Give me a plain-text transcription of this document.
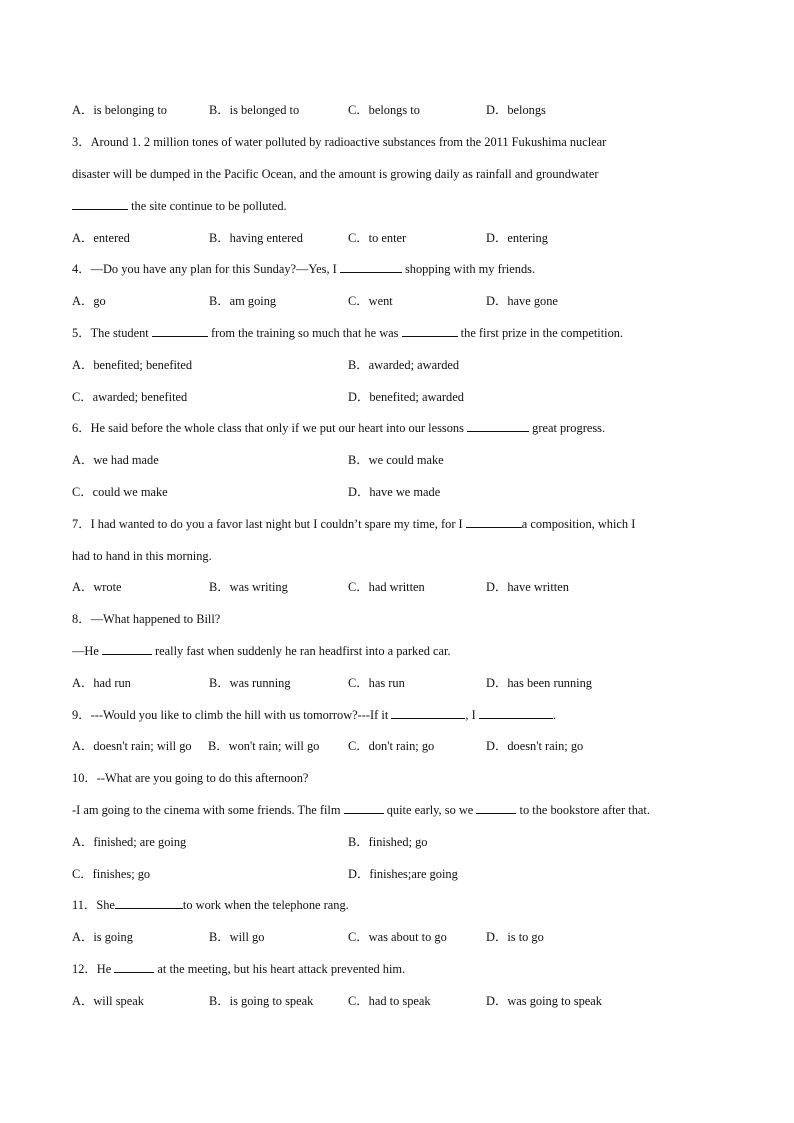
A．is belonging to	B．is belonged to	C．belongs to	D．belongs
3．Around 1. 2 million tones of water polluted by radioactive substances from the 2011 Fukushima nuclear
disaster will be dumped in the Pacific Ocean, and the amount is growing daily as rainfall and groundwater
the site continue to be polluted.
A．entered	B．having entered	C．to enter	D．entering
4．—Do you have any plan for this Sunday?—Yes, I	shopping with my friends.
A．go	B．am going	C．went	D．have gone
5．The student	from the training so much that he was	the first prize in the competition.
A．benefited; benefited	B．awarded; awarded
C．awarded; benefited	D．benefited; awarded
6．He said before the whole class that only if we put our heart into our lessons	great progress.
A．we had made	B．we could make
C．could we make	D．have we made
7．I had wanted to do you a favor last night but I couldn’t spare my time, for I	a composition, which I
had to hand in this morning.
A．wrote	B．was writing	C．had written	D．have written
8．—What happened to Bill?
—He	really fast when suddenly he ran headfirst into a parked car.
A．had run	B．was running	C．has run	D．has been running
9．---Would you like to climb the hill with us tomorrow?---If it	, I	.
A．doesn't rain; will go B．won't rain; will go C．don't rain; go	D．doesn't rain; go
10．--What are you going to do this afternoon?
-I am going to the cinema with some friends. The film	quite early, so we	to the bookstore after that.
A．finished; are going	B．finished; go
C．finishes; go	D．finishes;are going
11．She	to work when the telephone rang.
A．is going	B．will go	C．was about to go	D．is to go
12．He	at the meeting, but his heart attack prevented him.
A．will speak	B．is going to speak	C．had to speak	D．was going to speak
